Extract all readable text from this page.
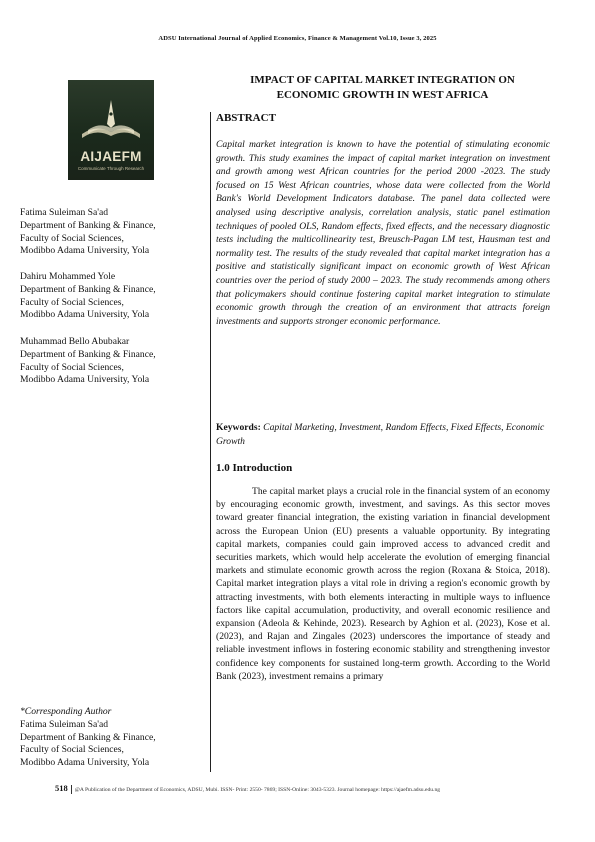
ADSU International Journal of Applied Economics, Finance & Management Vol.10, Issue 3, 2025
AIJAEFM
Communicate Through Research
IMPACT OF CAPITAL MARKET INTEGRATION ON
ECONOMIC GROWTH IN WEST AFRICA
ABSTRACT
Capital market integration is known to have the potential of stimulating economic growth. This study examines the impact of capital market integration on investment and growth among west African countries for the period 2000 -2023. The study focused on 15 West African countries, whose data were collected from the World Bank's World Development Indicators database. The panel data collected were analysed using descriptive analysis, correlation analysis, static panel estimation techniques of pooled OLS, Random effects, fixed effects, and the necessary diagnostic tests including the multicollinearity test, Breusch-Pagan LM test, Hausman test and normality test. The results of the study revealed that capital market integration has a positive and statistically significant impact on economic growth of West African countries over the period of study 2000 – 2023. The study recommends among others that policymakers should continue fostering capital market integration to stimulate economic growth through the creation of an environment that attracts foreign investments and supports stronger economic performance.
Keywords: Capital Marketing, Investment, Random Effects, Fixed Effects, Economic Growth
1.0 Introduction
The capital market plays a crucial role in the financial system of an economy by encouraging economic growth, investment, and savings. As this sector moves toward greater financial integration, the existing variation in financial development across the European Union (EU) presents a valuable opportunity. By integrating capital markets, companies could gain improved access to advanced credit and securities markets, which would help accelerate the evolution of emerging financial markets and stimulate economic growth across the region (Roxana & Stoica, 2018). Capital market integration plays a vital role in driving a region's economic growth by attracting investments, with both elements interacting in multiple ways to influence factors like capital accumulation, productivity, and overall economic resilience and expansion (Adeola & Kehinde, 2023). Research by Aghion et al. (2023), Kose et al. (2023), and Rajan and Zingales (2023) underscores the importance of steady and reliable investment inflows in fostering economic stability and strengthening investor confidence key components for sustained long-term growth. According to the World Bank (2023), investment remains a primary
Fatima Suleiman Sa'ad
Department of Banking & Finance,
Faculty of Social Sciences,
Modibbo Adama University, Yola
Dahiru Mohammed Yole
Department of Banking & Finance,
Faculty of Social Sciences,
Modibbo Adama University, Yola
Muhammad Bello Abubakar
Department of Banking & Finance,
Faculty of Social Sciences,
Modibbo Adama University, Yola
*Corresponding Author
Fatima Suleiman Sa'ad
Department of Banking & Finance,
Faculty of Social Sciences,
Modibbo Adama University, Yola
518 @A Publication of the Department of Economics, ADSU, Mubi. ISSN- Print: 2550- 7869; ISSN-Online: 3043-5323. Journal homepage: https://ajaefm.adsu.edu.ng
